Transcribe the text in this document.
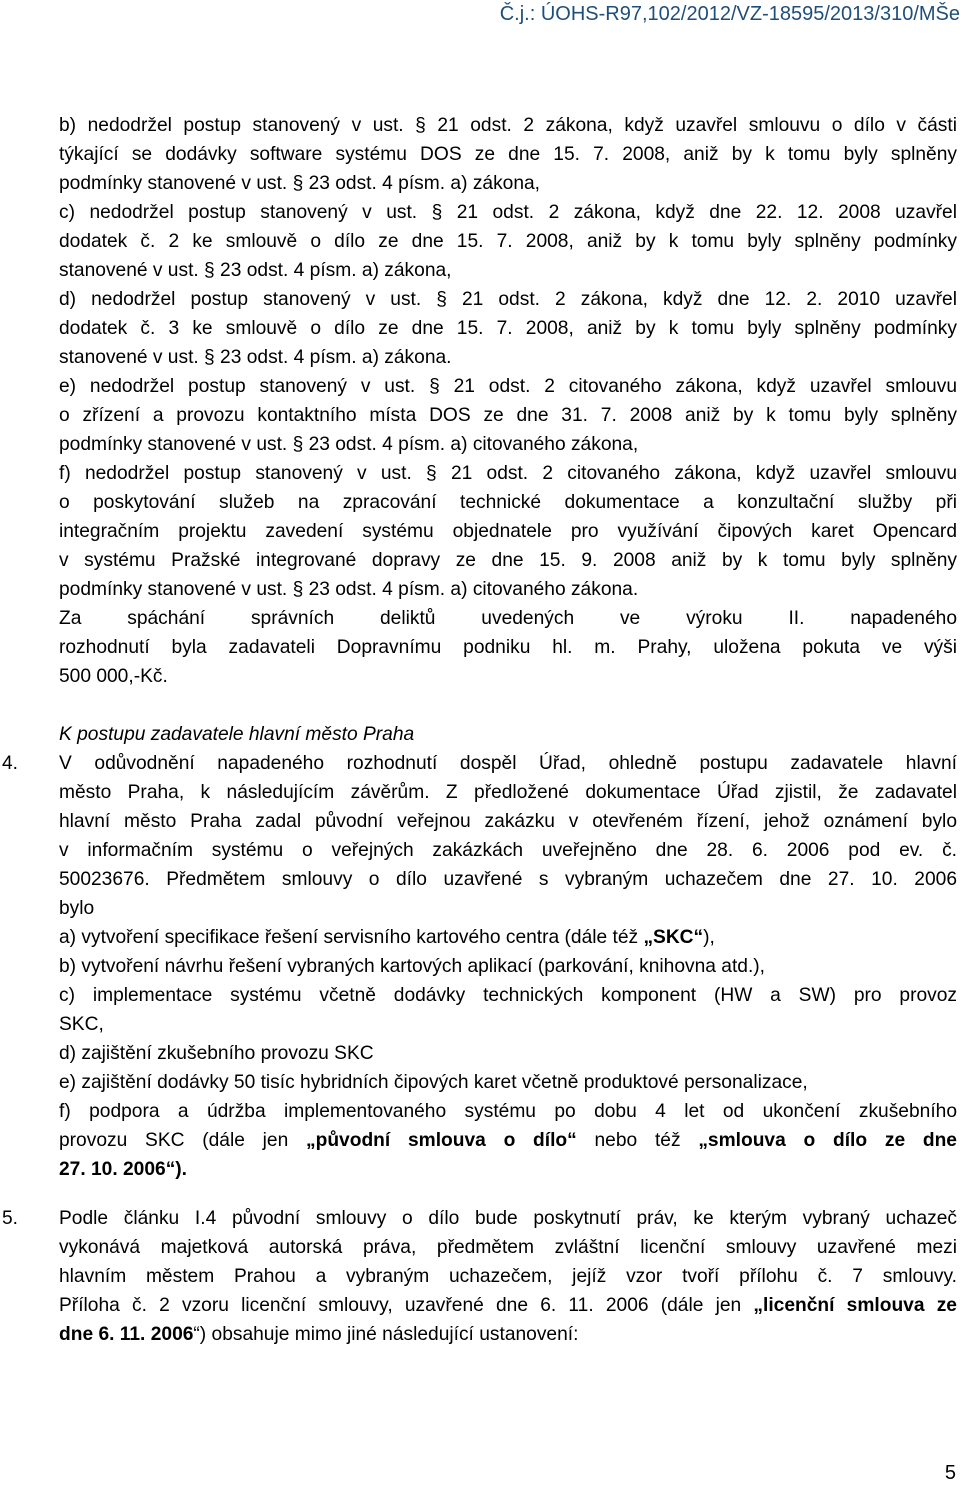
Č.j.: ÚOHS-R97,102/2012/VZ-18595/2013/310/MŠe
b) nedodržel postup stanovený v ust. § 21 odst. 2 zákona, když uzavřel smlouvu o dílo v části
týkající se dodávky software systému DOS ze dne 15. 7. 2008, aniž by k tomu byly splněny
podmínky stanovené v ust. § 23 odst. 4 písm. a) zákona,
c) nedodržel postup stanovený v ust. § 21 odst. 2 zákona, když dne 22. 12. 2008 uzavřel
dodatek č. 2 ke smlouvě o dílo ze dne 15. 7. 2008, aniž by k tomu byly splněny podmínky
stanovené v ust. § 23 odst. 4 písm. a) zákona,
d) nedodržel postup stanovený v ust. § 21 odst. 2 zákona, když dne 12. 2. 2010 uzavřel
dodatek č. 3 ke smlouvě o dílo ze dne 15. 7. 2008, aniž by k tomu byly splněny podmínky
stanovené v ust. § 23 odst. 4 písm. a) zákona.
e) nedodržel postup stanovený v ust. § 21 odst. 2 citovaného zákona, když uzavřel smlouvu
o zřízení a provozu kontaktního místa DOS ze dne 31. 7. 2008 aniž by k tomu byly splněny
podmínky stanovené v ust. § 23 odst. 4 písm. a) citovaného zákona,
f) nedodržel postup stanovený v ust. § 21 odst. 2 citovaného zákona, když uzavřel smlouvu
o poskytování služeb na zpracování technické dokumentace a konzultační služby při
integračním projektu zavedení systému objednatele pro využívání čipových karet Opencard
v systému Pražské integrované dopravy ze dne 15. 9. 2008 aniž by k tomu byly splněny
podmínky stanovené v ust. § 23 odst. 4 písm. a) citovaného zákona.
Za spáchání správních deliktů uvedených ve výroku II. napadeného
rozhodnutí byla zadavateli Dopravnímu podniku hl. m. Prahy, uložena pokuta ve výši
500 000,-Kč.
K postupu zadavatele hlavní město Praha
4. V odůvodnění napadeného rozhodnutí dospěl Úřad, ohledně postupu zadavatele hlavní
město Praha, k následujícím závěrům. Z předložené dokumentace Úřad zjistil, že zadavatel
hlavní město Praha zadal původní veřejnou zakázku v otevřeném řízení, jehož oznámení bylo
v informačním systému o veřejných zakázkách uveřejněno dne 28. 6. 2006 pod ev. č.
50023676. Předmětem smlouvy o dílo uzavřené s vybraným uchazečem dne 27. 10. 2006
bylo
a) vytvoření specifikace řešení servisního kartového centra (dále též „SKC“),
b) vytvoření návrhu řešení vybraných kartových aplikací (parkování, knihovna atd.),
c) implementace systému včetně dodávky technických komponent (HW a SW) pro provoz
SKC,
d) zajištění zkušebního provozu SKC
e) zajištění dodávky 50 tisíc hybridních čipových karet včetně produktové personalizace,
f) podpora a údržba implementovaného systému po dobu 4 let od ukončení zkušebního
provozu SKC (dále jen „původní smlouva o dílo“ nebo též „smlouva o dílo ze dne
27. 10. 2006“).
5. Podle článku I.4 původní smlouvy o dílo bude poskytnutí práv, ke kterým vybraný uchazeč
vykonává majetková autorská práva, předmětem zvláštní licenční smlouvy uzavřené mezi
hlavním městem Prahou a vybraným uchazečem, jejíž vzor tvoří přílohu č. 7 smlouvy.
Příloha č. 2 vzoru licenční smlouvy, uzavřené dne 6. 11. 2006 (dále jen „licenční smlouva ze
dne 6. 11. 2006“) obsahuje mimo jiné následující ustanovení:
5
